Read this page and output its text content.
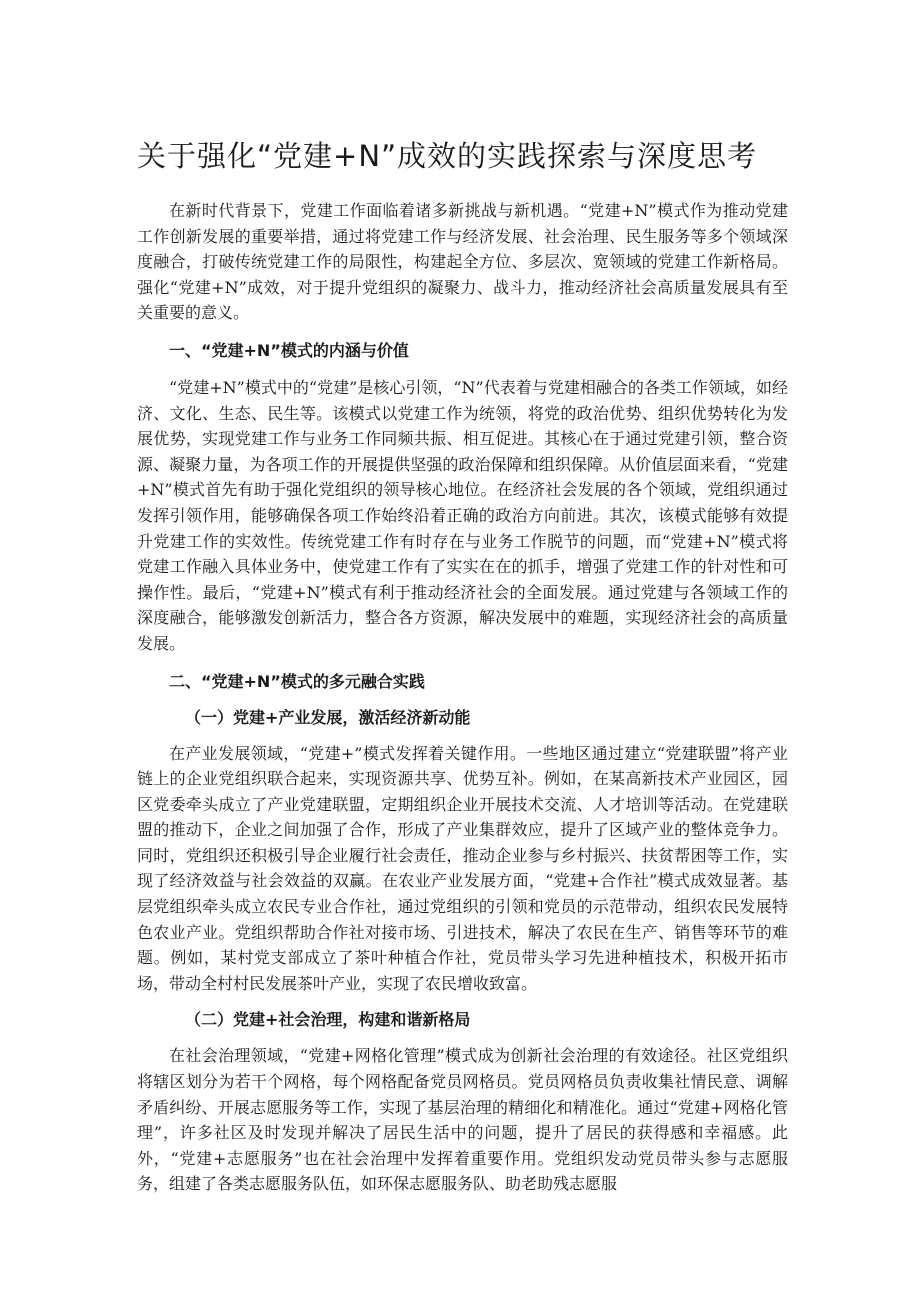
关于强化“党建+N”成效的实践探索与深度思考

在新时代背景下，党建工作面临着诸多新挑战与新机遇。“党建+N”模式作为推动党建工作创新发展的重要举措，通过将党建工作与经济发展、社会治理、民生服务等多个领域深度融合，打破传统党建工作的局限性，构建起全方位、多层次、宽领域的党建工作新格局。强化“党建+N”成效，对于提升党组织的凝聚力、战斗力，推动经济社会高质量发展具有至关重要的意义。

一、“党建+N”模式的内涵与价值

“党建+N”模式中的“党建”是核心引领，“N”代表着与党建相融合的各类工作领域，如经济、文化、生态、民生等。该模式以党建工作为统领，将党的政治优势、组织优势转化为发展优势，实现党建工作与业务工作同频共振、相互促进。其核心在于通过党建引领，整合资源、凝聚力量，为各项工作的开展提供坚强的政治保障和组织保障。从价值层面来看，“党建+N”模式首先有助于强化党组织的领导核心地位。在经济社会发展的各个领域，党组织通过发挥引领作用，能够确保各项工作始终沿着正确的政治方向前进。其次，该模式能够有效提升党建工作的实效性。传统党建工作有时存在与业务工作脱节的问题，而“党建+N”模式将党建工作融入具体业务中，使党建工作有了实实在在的抓手，增强了党建工作的针对性和可操作性。最后，“党建+N”模式有利于推动经济社会的全面发展。通过党建与各领域工作的深度融合，能够激发创新活力，整合各方资源，解决发展中的难题，实现经济社会的高质量发展。

二、“党建+N”模式的多元融合实践
（一）党建+产业发展，激活经济新动能

在产业发展领域，“党建+”模式发挥着关键作用。一些地区通过建立“党建联盟”将产业链上的企业党组织联合起来，实现资源共享、优势互补。例如，在某高新技术产业园区，园区党委牵头成立了产业党建联盟，定期组织企业开展技术交流、人才培训等活动。在党建联盟的推动下，企业之间加强了合作，形成了产业集群效应，提升了区域产业的整体竞争力。同时，党组织还积极引导企业履行社会责任，推动企业参与乡村振兴、扶贫帮困等工作，实现了经济效益与社会效益的双赢。在农业产业发展方面，“党建+合作社”模式成效显著。基层党组织牵头成立农民专业合作社，通过党组织的引领和党员的示范带动，组织农民发展特色农业产业。党组织帮助合作社对接市场、引进技术，解决了农民在生产、销售等环节的难题。例如，某村党支部成立了茶叶种植合作社，党员带头学习先进种植技术，积极开拓市场，带动全村村民发展茶叶产业，实现了农民增收致富。

（二）党建+社会治理，构建和谐新格局

在社会治理领域，“党建+网格化管理”模式成为创新社会治理的有效途径。社区党组织将辖区划分为若干个网格，每个网格配备党员网格员。党员网格员负责收集社情民意、调解矛盾纠纷、开展志愿服务等工作，实现了基层治理的精细化和精准化。通过“党建+网格化管理”，许多社区及时发现并解决了居民生活中的问题，提升了居民的获得感和幸福感。此外，“党建+志愿服务”也在社会治理中发挥着重要作用。党组织发动党员带头参与志愿服务，组建了各类志愿服务队伍，如环保志愿服务队、助老助残志愿服
